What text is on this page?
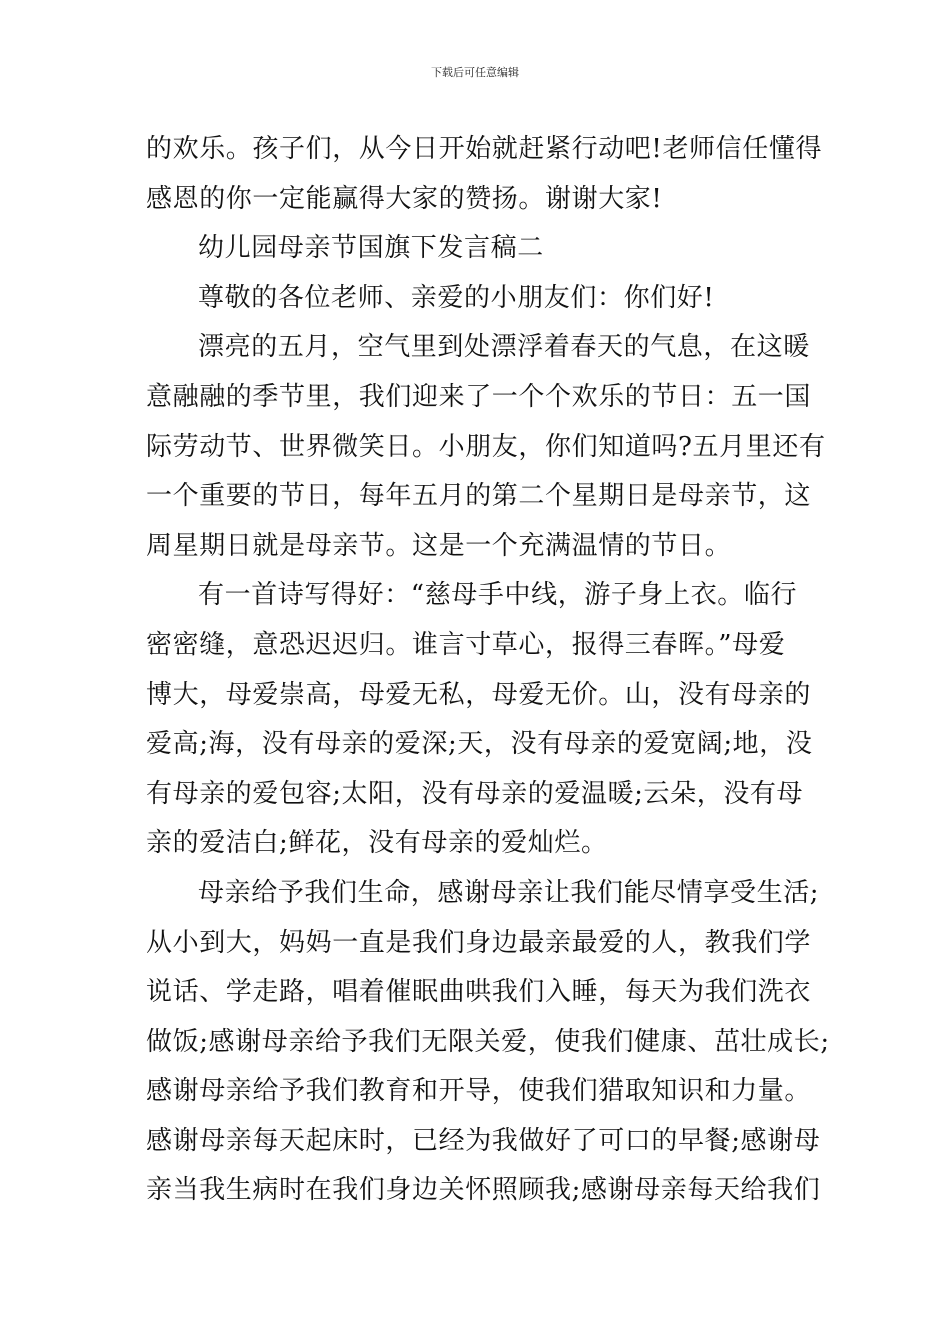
下载后可任意编辑
的欢乐。孩子们，从今日开始就赶紧行动吧!老师信任懂得
感恩的你一定能赢得大家的赞扬。谢谢大家!
幼儿园母亲节国旗下发言稿二
尊敬的各位老师、亲爱的小朋友们：你们好!
漂亮的五月，空气里到处漂浮着春天的气息，在这暖
意融融的季节里，我们迎来了一个个欢乐的节日：五一国
际劳动节、世界微笑日。小朋友，你们知道吗?五月里还有
一个重要的节日，每年五月的第二个星期日是母亲节，这
周星期日就是母亲节。这是一个充满温情的节日。
有一首诗写得好：“慈母手中线，游子身上衣。临行
密密缝，意恐迟迟归。谁言寸草心，报得三春晖。”母爱
博大，母爱崇高，母爱无私，母爱无价。山，没有母亲的
爱高;海，没有母亲的爱深;天，没有母亲的爱宽阔;地，没
有母亲的爱包容;太阳，没有母亲的爱温暖;云朵，没有母
亲的爱洁白;鲜花，没有母亲的爱灿烂。
母亲给予我们生命，感谢母亲让我们能尽情享受生活;
从小到大，妈妈一直是我们身边最亲最爱的人，教我们学
说话、学走路，唱着催眠曲哄我们入睡，每天为我们洗衣
做饭;感谢母亲给予我们无限关爱，使我们健康、茁壮成长;
感谢母亲给予我们教育和开导，使我们猎取知识和力量。
感谢母亲每天起床时，已经为我做好了可口的早餐;感谢母
亲当我生病时在我们身边关怀照顾我;感谢母亲每天给我们
